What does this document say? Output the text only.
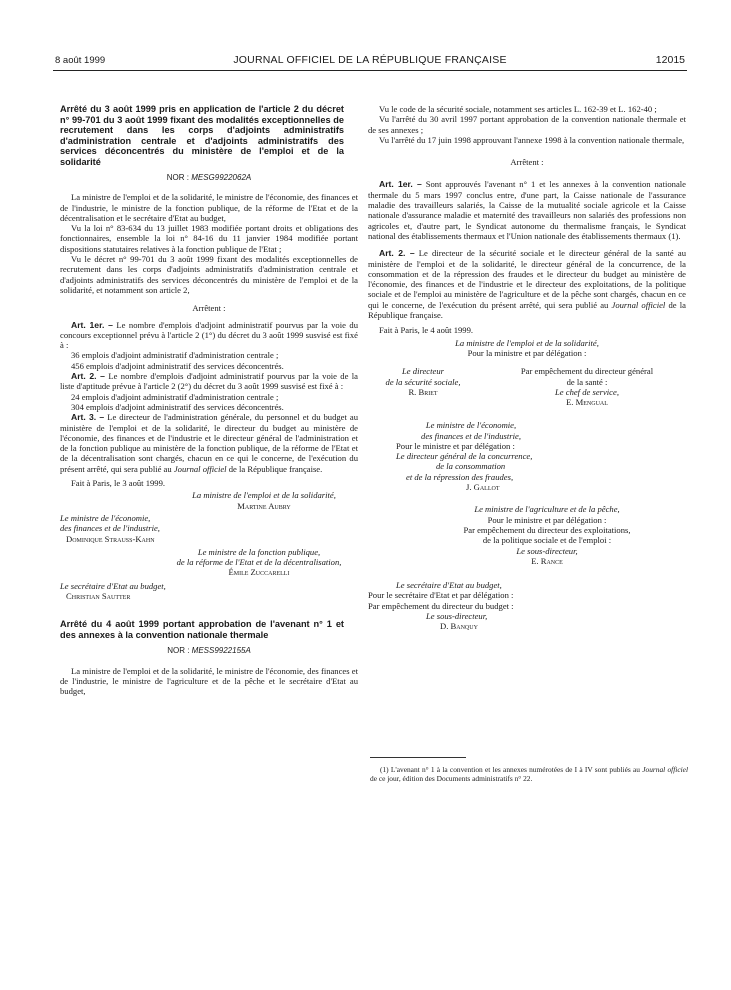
8 août 1999	JOURNAL OFFICIEL DE LA RÉPUBLIQUE FRANÇAISE	12015

Arrêté du 3 août 1999 pris en application de l'article 2 du décret n° 99-701 du 3 août 1999 fixant des modalités exceptionnelles de recrutement dans les corps d'adjoints administratifs d'administration centrale et d'adjoints administratifs des services déconcentrés du ministère de l'emploi et de la solidarité

NOR : MESG9922062A

La ministre de l'emploi et de la solidarité, le ministre de l'économie, des finances et de l'industrie, le ministre de la fonction publique, de la réforme de l'Etat et de la décentralisation et le secrétaire d'Etat au budget,

Vu la loi n° 83-634 du 13 juillet 1983 modifiée portant droits et obligations des fonctionnaires, ensemble la loi n° 84-16 du 11 janvier 1984 modifiée portant dispositions statutaires relatives à la fonction publique de l'Etat ;

Vu le décret n° 99-701 du 3 août 1999 fixant des modalités exceptionnelles de recrutement dans les corps d'adjoints administratifs d'administration centrale et d'adjoints administratifs des services déconcentrés du ministère de l'emploi et de la solidarité, et notamment son article 2,

Arrêtent :

Art. 1er. – Le nombre d'emplois d'adjoint administratif pourvus par la voie du concours exceptionnel prévu à l'article 2 (1°) du décret du 3 août 1999 susvisé est fixé à :

36 emplois d'adjoint administratif d'administration centrale ;

456 emplois d'adjoint administratif des services déconcentrés.

Art. 2. – Le nombre d'emplois d'adjoint administratif pourvus par la voie de la liste d'aptitude prévue à l'article 2 (2°) du décret du 3 août 1999 susvisé est fixé à :

24 emplois d'adjoint administratif d'administration centrale ;

304 emplois d'adjoint administratif des services déconcentrés.

Art. 3. – Le directeur de l'administration générale, du personnel et du budget au ministère de l'emploi et de la solidarité, le directeur du budget au ministère de l'économie, des finances et de l'industrie et le directeur général de l'administration et de la fonction publique au ministère de la fonction publique, de la réforme de l'Etat et de la décentralisation sont chargés, chacun en ce qui le concerne, de l'exécution du présent arrêté, qui sera publié au Journal officiel de la République française.

Fait à Paris, le 3 août 1999.

La ministre de l'emploi et de la solidarité,
Martine Aubry
Le ministre de l'économie,
des finances et de l'industrie,
Dominique Strauss-Kahn
Le ministre de la fonction publique,
de la réforme de l'Etat et de la décentralisation,
Émile Zuccarelli
Le secrétaire d'Etat au budget,
Christian Sautter

Arrêté du 4 août 1999 portant approbation de l'avenant n° 1 et des annexes à la convention nationale thermale

NOR : MESS9922155A

La ministre de l'emploi et de la solidarité, le ministre de l'économie, des finances et de l'industrie, le ministre de l'agriculture et de la pêche et le secrétaire d'Etat au budget,

Vu le code de la sécurité sociale, notamment ses articles L. 162-39 et L. 162-40 ;

Vu l'arrêté du 30 avril 1997 portant approbation de la convention nationale thermale et de ses annexes ;

Vu l'arrêté du 17 juin 1998 approuvant l'annexe 1998 à la convention nationale thermale,

Arrêtent :

Art. 1er. – Sont approuvés l'avenant n° 1 et les annexes à la convention nationale thermale du 5 mars 1997 conclus entre, d'une part, la Caisse nationale de l'assurance maladie des travailleurs salariés, la Caisse de la mutualité sociale agricole et la Caisse nationale d'assurance maladie et maternité des travailleurs non salariés des professions non agricoles et, d'autre part, le Syndicat autonome du thermalisme français, le Syndicat national des établissements thermaux et l'Union nationale des établissements thermaux (1).

Art. 2. – Le directeur de la sécurité sociale et le directeur général de la santé au ministère de l'emploi et de la solidarité, le directeur général de la concurrence, de la consommation et de la répression des fraudes et le directeur du budget au ministère de l'économie, des finances et de l'industrie et le directeur des exploitations, de la politique sociale et de l'emploi au ministère de l'agriculture et de la pêche sont chargés, chacun en ce qui le concerne, de l'exécution du présent arrêté, qui sera publié au Journal officiel de la République française.

Fait à Paris, le 4 août 1999.

La ministre de l'emploi et de la solidarité,
Pour la ministre et par délégation :
Le directeur
de la sécurité sociale,
R. Briet
Par empêchement du directeur général
de la santé :
Le chef de service,
E. Mengual
Le ministre de l'économie,
des finances et de l'industrie,
Pour le ministre et par délégation :
Le directeur général de la concurrence,
de la consommation
et de la répression des fraudes,
J. Gallot
Le ministre de l'agriculture et de la pêche,
Pour le ministre et par délégation :
Par empêchement du directeur des exploitations,
de la politique sociale et de l'emploi :
Le sous-directeur,
E. Rance
Le secrétaire d'Etat au budget,
Pour le secrétaire d'Etat et par délégation :
Par empêchement du directeur du budget :
Le sous-directeur,
D. Banquy

(1) L'avenant n° 1 à la convention et les annexes numérotées de I à IV sont publiés au Journal officiel de ce jour, édition des Documents administratifs n° 22.
